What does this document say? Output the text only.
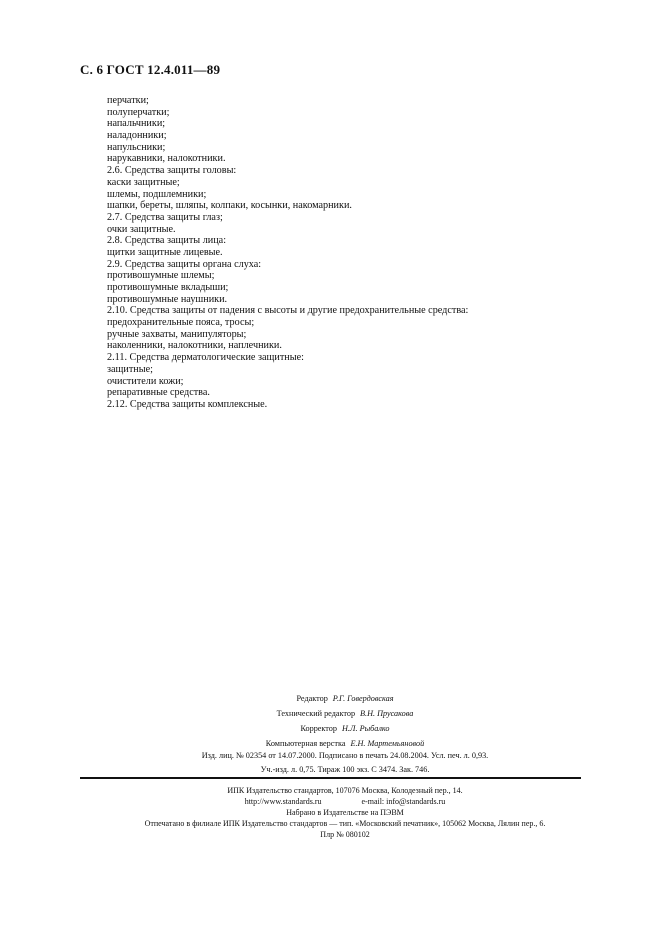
С. 6 ГОСТ 12.4.011—89
перчатки;
полуперчатки;
напальчники;
наладонники;
напульсники;
нарукавники, налокотники.
2.6. Средства защиты головы:
каски защитные;
шлемы, подшлемники;
шапки, береты, шляпы, колпаки, косынки, накомарники.
2.7. Средства защиты глаз;
очки защитные.
2.8. Средства защиты лица:
щитки защитные лицевые.
2.9. Средства защиты органа слуха:
противошумные шлемы;
противошумные вкладыши;
противошумные наушники.
2.10. Средства защиты от падения с высоты и другие предохранительные средства:
предохранительные пояса, тросы;
ручные захваты, манипуляторы;
наколенники, налокотники, наплечники.
2.11. Средства дерматологические защитные:
защитные;
очистители кожи;
репаративные средства.
2.12. Средства защиты комплексные.
Редактор Р.Г. Говердовская
Технический редактор В.Н. Прусакова
Корректор Н.Л. Рыбалко
Компьютерная верстка Е.Н. Мартемьяновой
Изд. лиц. № 02354 от 14.07.2000. Подписано в печать 24.08.2004. Усл. печ. л. 0,93.
Уч.-изд. л. 0,75. Тираж 100 экз. С 3474. Зак. 746.
ИПК Издательство стандартов, 107076 Москва, Колодезный пер., 14.
http://www.standards.ru	e-mail: info@standards.ru
Набрано в Издательстве на ПЭВМ
Отпечатано в филиале ИПК Издательство стандартов — тип. «Московский печатник», 105062 Москва, Лялин пер., 6.
Плр № 080102
